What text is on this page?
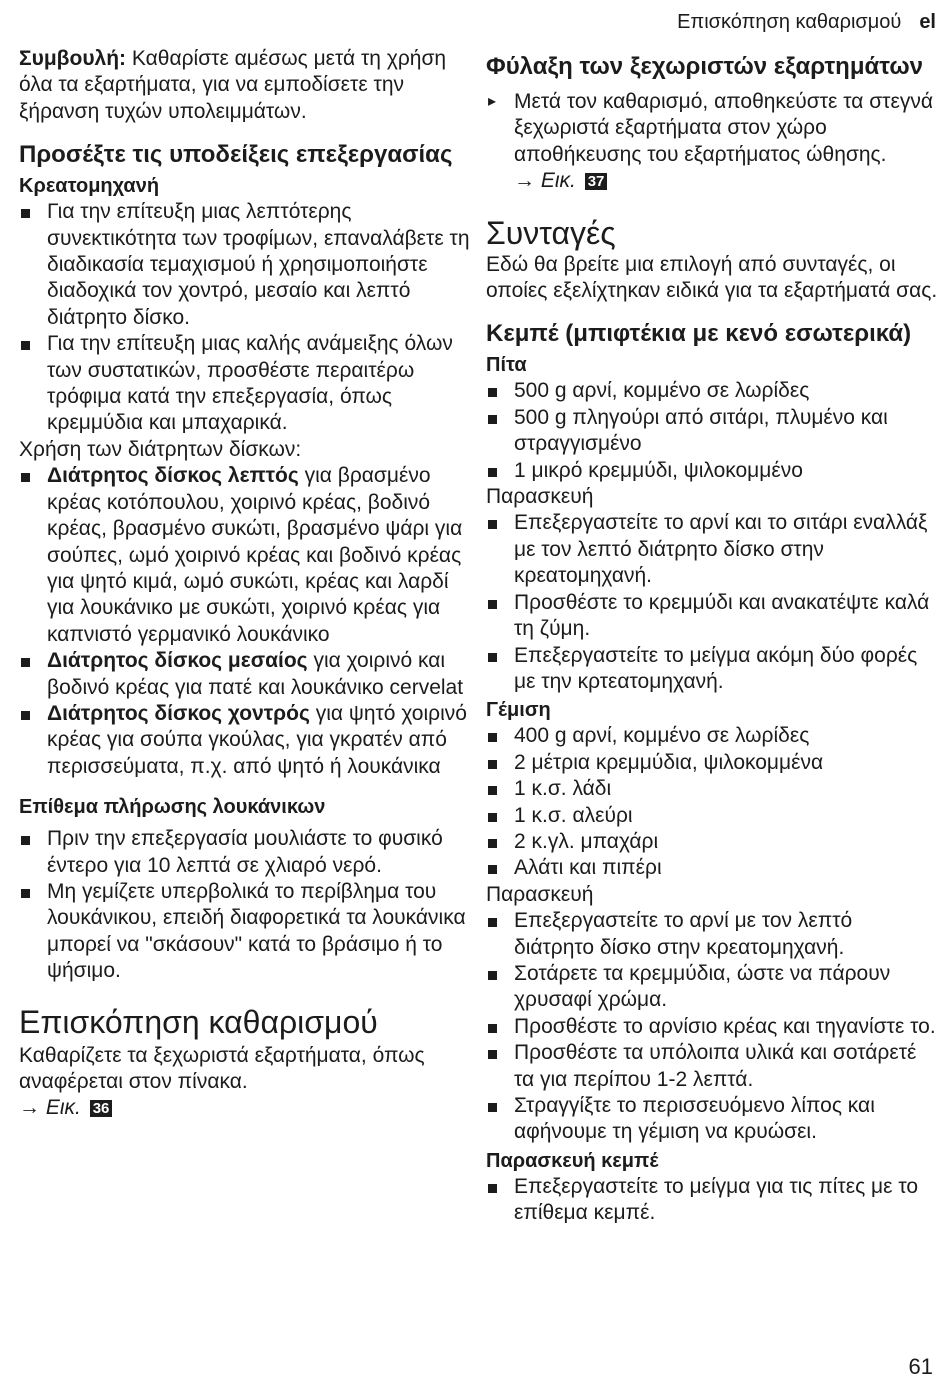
Επισκόπηση καθαρισμού el

Συμβουλή: Καθαρίστε αμέσως μετά τη χρήση όλα τα εξαρτήματα, για να εμποδίσετε την ξήρανση τυχών υπολειμμάτων.

Προσέξτε τις υποδείξεις επεξεργασίας
Κρεατομηχανή
Για την επίτευξη μιας λεπτότερης συνεκτικότητα των τροφίμων, επαναλάβετε τη διαδικασία τεμαχισμού ή χρησιμοποιήστε διαδοχικά τον χοντρό, μεσαίο και λεπτό διάτρητο δίσκο.
Για την επίτευξη μιας καλής ανάμειξης όλων των συστατικών, προσθέστε περαιτέρω τρόφιμα κατά την επεξεργασία, όπως κρεμμύδια και μπαχαρικά.

Χρήση των διάτρητων δίσκων:

Διάτρητος δίσκος λεπτός για βρασμένο κρέας κοτόπουλου, χοιρινό κρέας, βοδινό κρέας, βρασμένο συκώτι, βρασμένο ψάρι για σούπες, ωμό χοιρινό κρέας και βοδινό κρέας για ψητό κιμά, ωμό συκώτι, κρέας και λαρδί για λουκάνικο με συκώτι, χοιρινό κρέας για καπνιστό γερμανικό λουκάνικο
Διάτρητος δίσκος μεσαίος για χοιρινό και βοδινό κρέας για πατέ και λουκάνικο cervelat
Διάτρητος δίσκος χοντρός για ψητό χοιρινό κρέας για σούπα γκούλας, για γκρατέν από περισσεύματα, π.χ. από ψητό ή λουκάνικα
Επίθεμα πλήρωσης λουκάνικων
Πριν την επεξεργασία μουλιάστε το φυσικό έντερο για 10 λεπτά σε χλιαρό νερό.
Μη γεμίζετε υπερβολικά το περίβλημα του λουκάνικου, επειδή διαφορετικά τα λουκάνικα μπορεί να "σκάσουν" κατά το βράσιμο ή το ψήσιμο.
Επισκόπηση καθαρισμού

Καθαρίζετε τα ξεχωριστά εξαρτήματα, όπως αναφέρεται στον πίνακα.

→ Εικ. 36

Φύλαξη των ξεχωριστών εξαρτημάτων
▸ Μετά τον καθαρισμό, αποθηκεύστε τα στεγνά ξεχωριστά εξαρτήματα στον χώρο αποθήκευσης του εξαρτήματος ώθησης.
→ Εικ. 37
Συνταγές

Εδώ θα βρείτε μια επιλογή από συνταγές, οι οποίες εξελίχτηκαν ειδικά για τα εξαρτήματά σας.

Κεμπέ (μπιφτέκια με κενό εσωτερικά)
Πίτα
500 g αρνί, κομμένο σε λωρίδες
500 g πληγούρι από σιτάρι, πλυμένο και στραγγισμένο
1 μικρό κρεμμύδι, ψιλοκομμένο

Παρασκευή

Επεξεργαστείτε το αρνί και το σιτάρι εναλλάξ με τον λεπτό διάτρητο δίσκο στην κρεατομηχανή.
Προσθέστε το κρεμμύδι και ανακατέψτε καλά τη ζύμη.
Επεξεργαστείτε το μείγμα ακόμη δύο φορές με την κρτεατομηχανή.
Γέμιση
400 g αρνί, κομμένο σε λωρίδες
2 μέτρια κρεμμύδια, ψιλοκομμένα
1 κ.σ. λάδι
1 κ.σ. αλεύρι
2 κ.γλ. μπαχάρι
Αλάτι και πιπέρι

Παρασκευή

Επεξεργαστείτε το αρνί με τον λεπτό διάτρητο δίσκο στην κρεατομηχανή.
Σοτάρετε τα κρεμμύδια, ώστε να πάρουν χρυσαφί χρώμα.
Προσθέστε το αρνίσιο κρέας και τηγανίστε το.
Προσθέστε τα υπόλοιπα υλικά και σοτάρετέ τα για περίπου 1-2 λεπτά.
Στραγγίξτε το περισσευόμενο λίπος και αφήνουμε τη γέμιση να κρυώσει.
Παρασκευή κεμπέ
Επεξεργαστείτε το μείγμα για τις πίτες με το επίθεμα κεμπέ.
61
